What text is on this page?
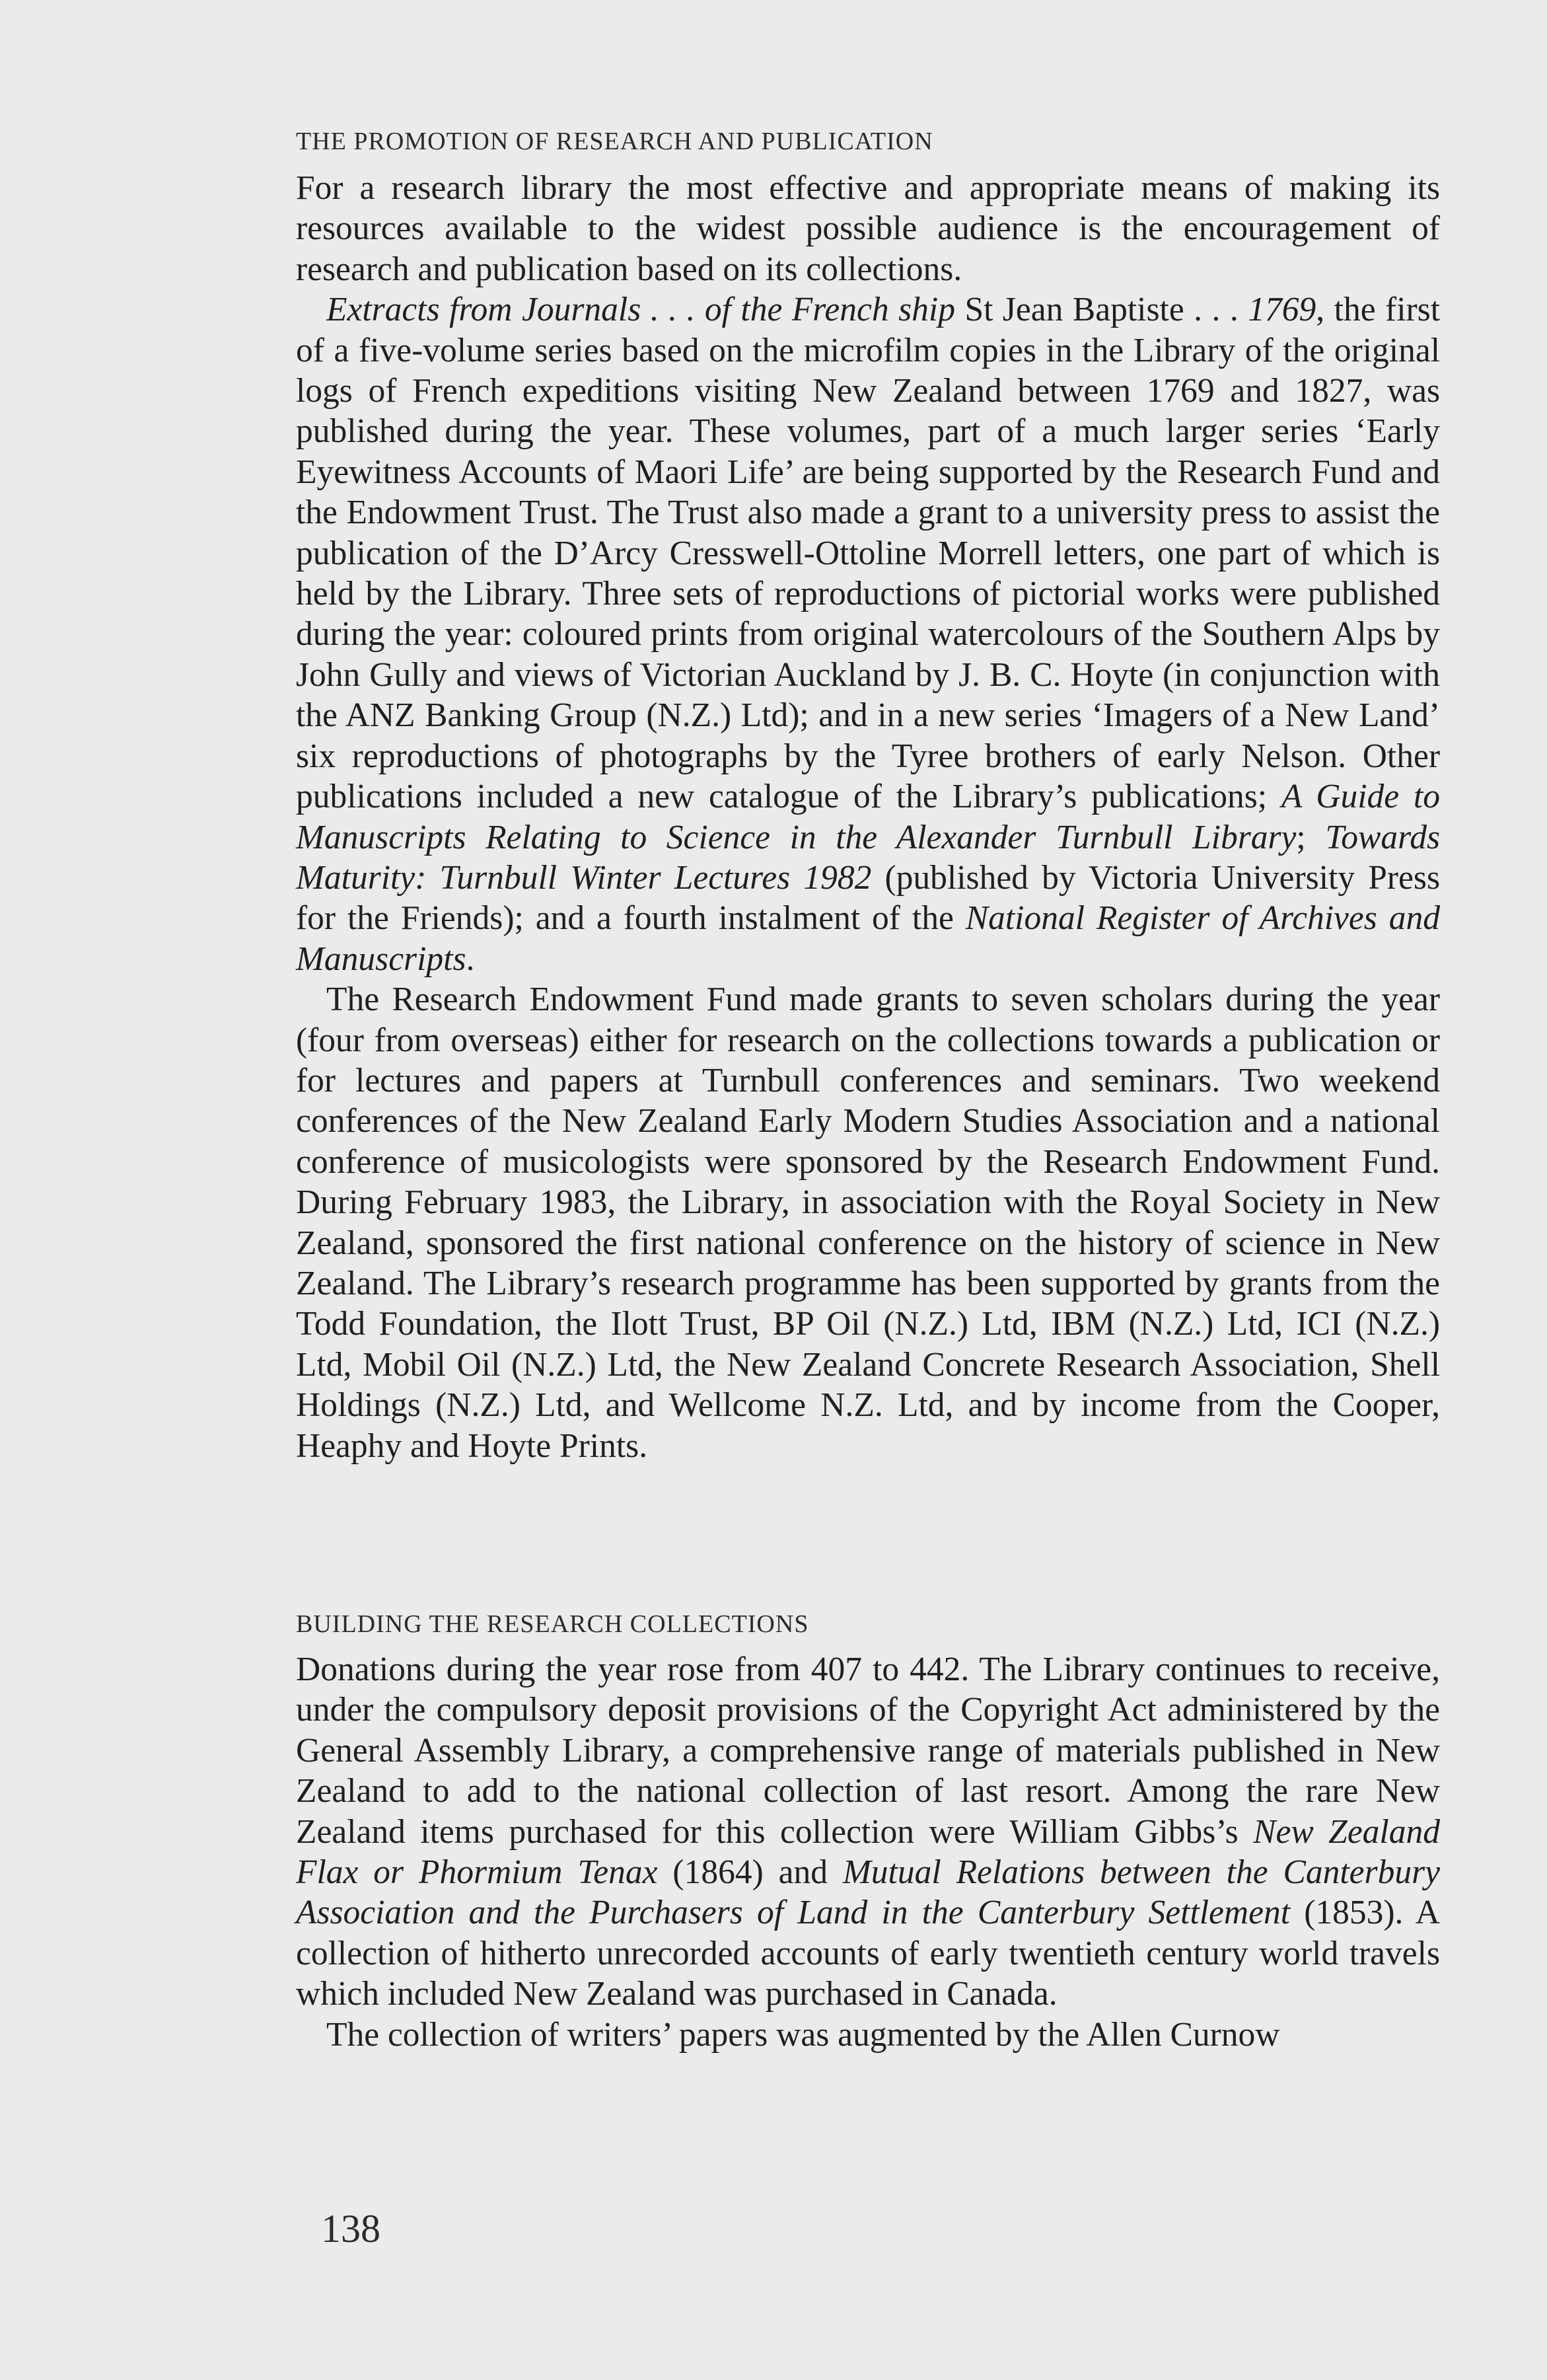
THE PROMOTION OF RESEARCH AND PUBLICATION

For a research library the most effective and appropriate means of making its resources available to the widest possible audience is the encouragement of research and publication based on its collections.

Extracts from Journals . . . of the French ship St Jean Baptiste . . . 1769, the first of a five-volume series based on the microfilm copies in the Library of the original logs of French expeditions visiting New Zealand between 1769 and 1827, was published during the year. These volumes, part of a much larger series ‘Early Eyewitness Accounts of Maori Life’ are being supported by the Research Fund and the Endowment Trust. The Trust also made a grant to a university press to assist the publication of the D’Arcy Cresswell-Ottoline Morrell letters, one part of which is held by the Library. Three sets of reproductions of pictorial works were published during the year: coloured prints from original watercolours of the Southern Alps by John Gully and views of Victorian Auckland by J. B. C. Hoyte (in conjunction with the ANZ Banking Group (N.Z.) Ltd); and in a new series ‘Imagers of a New Land’ six reproductions of photographs by the Tyree brothers of early Nelson. Other publications included a new catalogue of the Library’s publications; A Guide to Manuscripts Relating to Science in the Alexander Turnbull Library; Towards Maturity: Turnbull Winter Lectures 1982 (published by Victoria University Press for the Friends); and a fourth instalment of the National Register of Archives and Manuscripts.

The Research Endowment Fund made grants to seven scholars during the year (four from overseas) either for research on the collections towards a publication or for lectures and papers at Turnbull conferences and seminars. Two weekend conferences of the New Zealand Early Modern Studies Association and a national conference of musicologists were sponsored by the Research Endowment Fund. During February 1983, the Library, in association with the Royal Society in New Zealand, sponsored the first national conference on the history of science in New Zealand. The Library’s research programme has been supported by grants from the Todd Foundation, the Ilott Trust, BP Oil (N.Z.) Ltd, IBM (N.Z.) Ltd, ICI (N.Z.) Ltd, Mobil Oil (N.Z.) Ltd, the New Zealand Concrete Research Association, Shell Holdings (N.Z.) Ltd, and Wellcome N.Z. Ltd, and by income from the Cooper, Heaphy and Hoyte Prints.

BUILDING THE RESEARCH COLLECTIONS

Donations during the year rose from 407 to 442. The Library continues to receive, under the compulsory deposit provisions of the Copyright Act administered by the General Assembly Library, a comprehensive range of materials published in New Zealand to add to the national collection of last resort. Among the rare New Zealand items purchased for this collection were William Gibbs’s New Zealand Flax or Phormium Tenax (1864) and Mutual Relations between the Canterbury Association and the Purchasers of Land in the Canterbury Settlement (1853). A collection of hitherto unrecorded accounts of early twentieth century world travels which included New Zealand was purchased in Canada.

The collection of writers’ papers was augmented by the Allen Curnow

138
